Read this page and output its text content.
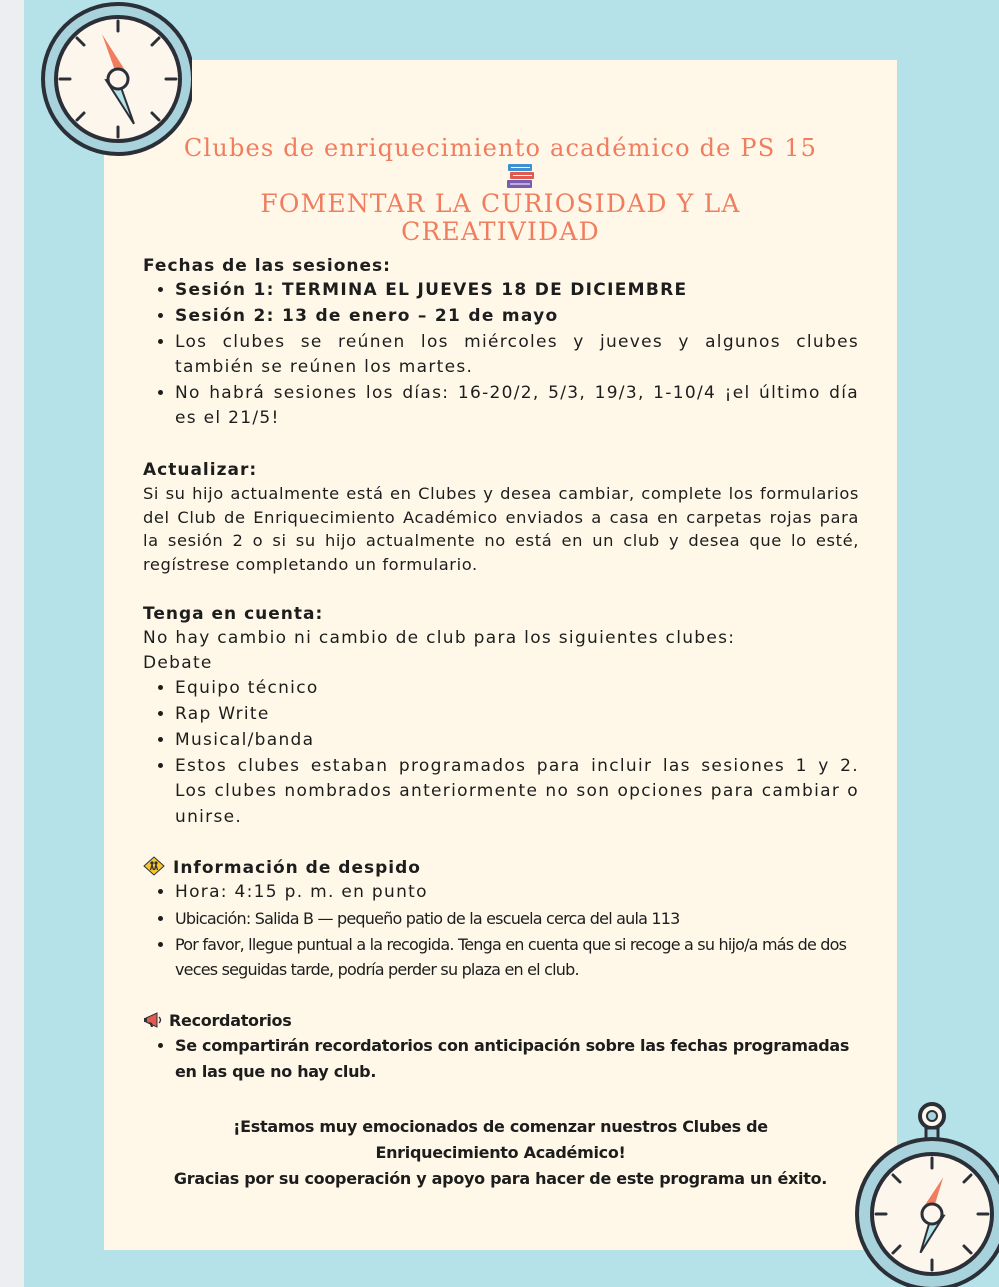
Clubes de enriquecimiento académico de PS 15
FOMENTAR LA CURIOSIDAD Y LA CREATIVIDAD

Fechas de las sesiones:

• Sesión 1: TERMINA EL JUEVES 18 DE DICIEMBRE
• Sesión 2: 13 de enero – 21 de mayo
• Los clubes se reúnen los miércoles y jueves y algunos clubes también se reúnen los martes.
• No habrá sesiones los días: 16-20/2, 5/3, 19/3, 1-10/4 ¡el último día es el 21/5!

Actualizar:

Si su hijo actualmente está en Clubes y desea cambiar, complete los formularios del Club de Enriquecimiento Académico enviados a casa en carpetas rojas para la sesión 2 o si su hijo actualmente no está en un club y desea que lo esté, regístrese completando un formulario.

Tenga en cuenta:

No hay cambio ni cambio de club para los siguientes clubes:

Debate

• Equipo técnico
• Rap Write
• Musical/banda
• Estos clubes estaban programados para incluir las sesiones 1 y 2. Los clubes nombrados anteriormente no son opciones para cambiar o unirse.

Información de despido

• Hora: 4:15 p. m. en punto
• Ubicación: Salida B — pequeño patio de la escuela cerca del aula 113
• Por favor, llegue puntual a la recogida. Tenga en cuenta que si recoge a su hijo/a más de dos veces seguidas tarde, podría perder su plaza en el club.

Recordatorios

• Se compartirán recordatorios con anticipación sobre las fechas programadas en las que no hay club.
¡Estamos muy emocionados de comenzar nuestros Clubes de Enriquecimiento Académico!
Gracias por su cooperación y apoyo para hacer de este programa un éxito.
